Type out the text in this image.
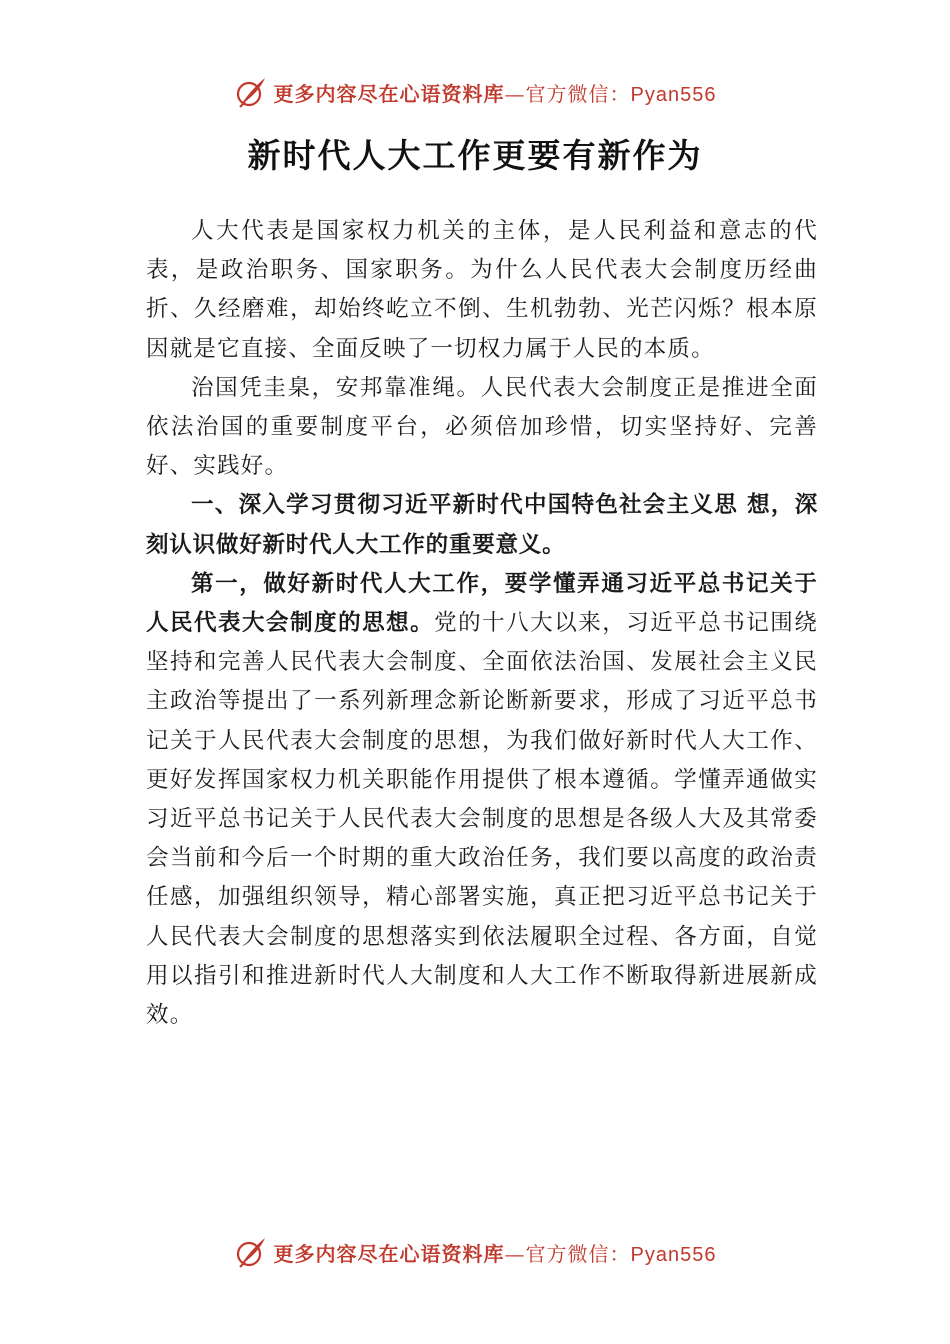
更多内容尽在心语资料库—官方微信：Pyan556
新时代人大工作更要有新作为

人大代表是国家权力机关的主体，是人民利益和意志的代表，是政治职务、国家职务。为什么人民代表大会制度历经曲折、久经磨难，却始终屹立不倒、生机勃勃、光芒闪烁？根本原因就是它直接、全面反映了一切权力属于人民的本质。

治国凭圭臬，安邦靠准绳。人民代表大会制度正是推进全面依法治国的重要制度平台，必须倍加珍惜，切实坚持好、完善好、实践好。

一、深入学习贯彻习近平新时代中国特色社会主义思 想，深刻认识做好新时代人大工作的重要意义。

第一，做好新时代人大工作，要学懂弄通习近平总书记关于人民代表大会制度的思想。党的十八大以来，习近平总书记围绕坚持和完善人民代表大会制度、全面依法治国、发展社会主义民主政治等提出了一系列新理念新论断新要求，形成了习近平总书记关于人民代表大会制度的思想，为我们做好新时代人大工作、更好发挥国家权力机关职能作用提供了根本遵循。学懂弄通做实习近平总书记关于人民代表大会制度的思想是各级人大及其常委会当前和今后一个时期的重大政治任务，我们要以高度的政治责任感，加强组织领导，精心部署实施，真正把习近平总书记关于人民代表大会制度的思想落实到依法履职全过程、各方面，自觉用以指引和推进新时代人大制度和人大工作不断取得新进展新成效。

更多内容尽在心语资料库—官方微信：Pyan556
